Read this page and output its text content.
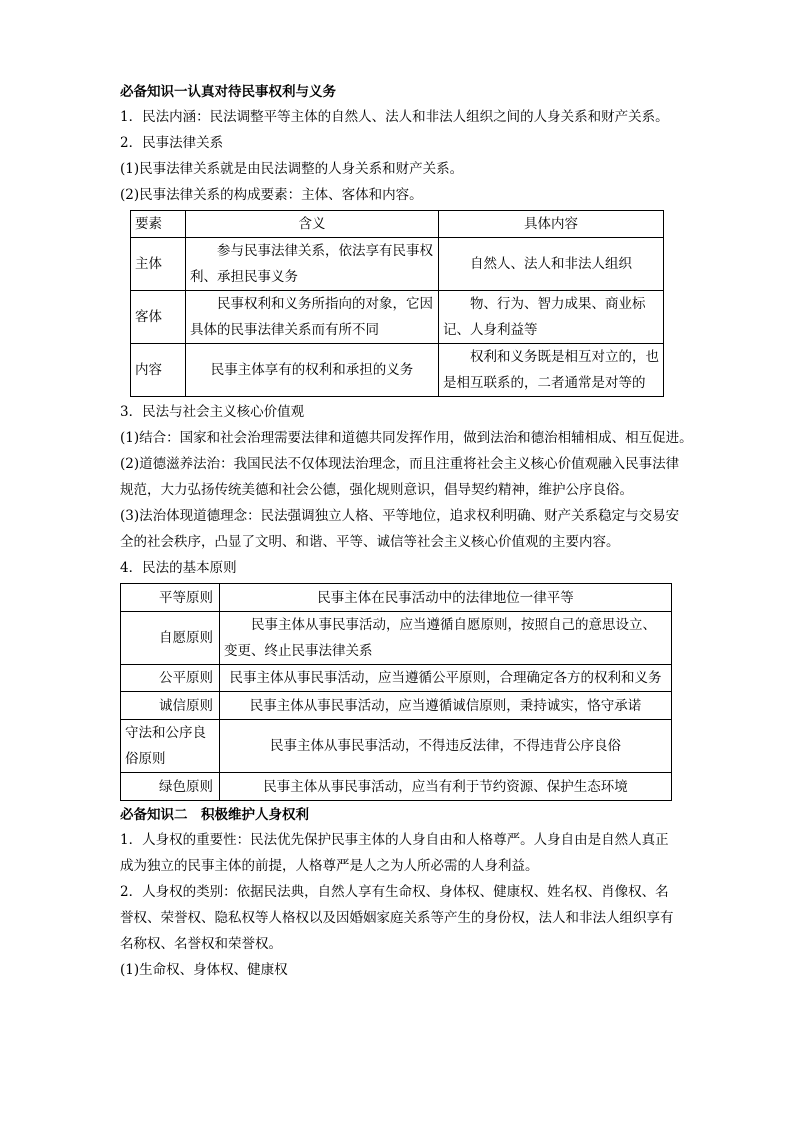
必备知识一认真对待民事权利与义务
1．民法内涵：民法调整平等主体的自然人、法人和非法人组织之间的人身关系和财产关系。
2．民事法律关系
(1)民事法律关系就是由民法调整的人身关系和财产关系。
(2)民事法律关系的构成要素：主体、客体和内容。
要素	含义	具体内容
主体	参与民事法律关系，依法享有民事权利、承担民事义务	自然人、法人和非法人组织
客体	民事权利和义务所指向的对象，它因具体的民事法律关系而有所不同	物、行为、智力成果、商业标记、人身利益等
内容	民事主体享有的权利和承担的义务	权利和义务既是相互对立的，也是相互联系的，二者通常是对等的
3．民法与社会主义核心价值观
(1)结合：国家和社会治理需要法律和道德共同发挥作用，做到法治和德治相辅相成、相互促进。
(2)道德滋养法治：我国民法不仅体现法治理念，而且注重将社会主义核心价值观融入民事法律规范，大力弘扬传统美德和社会公德，强化规则意识，倡导契约精神，维护公序良俗。
(3)法治体现道德理念：民法强调独立人格、平等地位，追求权利明确、财产关系稳定与交易安全的社会秩序，凸显了文明、和谐、平等、诚信等社会主义核心价值观的主要内容。
4．民法的基本原则
平等原则	民事主体在民事活动中的法律地位一律平等
自愿原则	民事主体从事民事活动，应当遵循自愿原则，按照自己的意思设立、变更、终止民事法律关系
公平原则	民事主体从事民事活动，应当遵循公平原则，合理确定各方的权利和义务
诚信原则	民事主体从事民事活动，应当遵循诚信原则，秉持诚实，恪守承诺
守法和公序良俗原则	民事主体从事民事活动，不得违反法律，不得违背公序良俗
绿色原则	民事主体从事民事活动，应当有利于节约资源、保护生态环境
必备知识二　积极维护人身权利
1．人身权的重要性：民法优先保护民事主体的人身自由和人格尊严。人身自由是自然人真正成为独立的民事主体的前提，人格尊严是人之为人所必需的人身利益。
2．人身权的类别：依据民法典，自然人享有生命权、身体权、健康权、姓名权、肖像权、名誉权、荣誉权、隐私权等人格权以及因婚姻家庭关系等产生的身份权，法人和非法人组织享有名称权、名誉权和荣誉权。
(1)生命权、身体权、健康权
